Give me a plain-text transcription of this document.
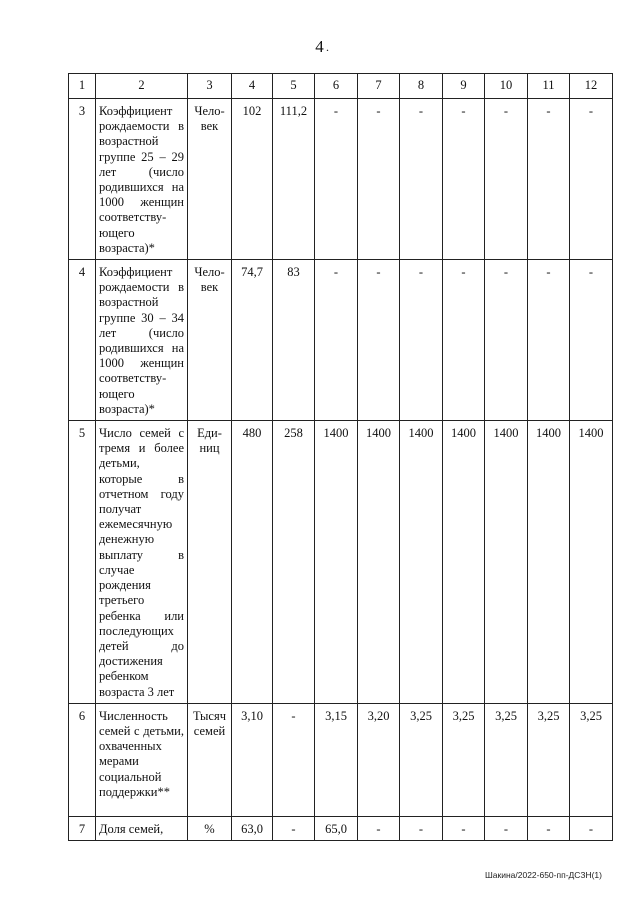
.
4
1	2	3	4	5	6	7	8	9	10	11	12
3	Коэффициент рождаемости в возрастной группе 25 – 29 лет (число родившихся на 1000 женщин соответству-ющего возраста)*	Чело-век	102	111,2	-	-	-	-	-	-	-
4	Коэффициент рождаемости в возрастной группе 30 – 34 лет (число родившихся на 1000 женщин соответству-ющего возраста)*	Чело-век	74,7	83	-	-	-	-	-	-	-
5	Число семей с тремя и более детьми, которые в отчетном году получат ежемесячную денежную выплату в случае рождения третьего ребенка или последующих детей до достижения ребенком возраста 3 лет	Еди-ниц	480	258	1400	1400	1400	1400	1400	1400	1400
6	Численность семей с детьми, охваченных мерами социальной поддержки**	Тысяч семей	3,10	-	3,15	3,20	3,25	3,25	3,25	3,25	3,25
7	Доля семей,	%	63,0	-	65,0	-	-	-	-	-	-
Шакина/2022-650-пп-ДСЗН(1)
